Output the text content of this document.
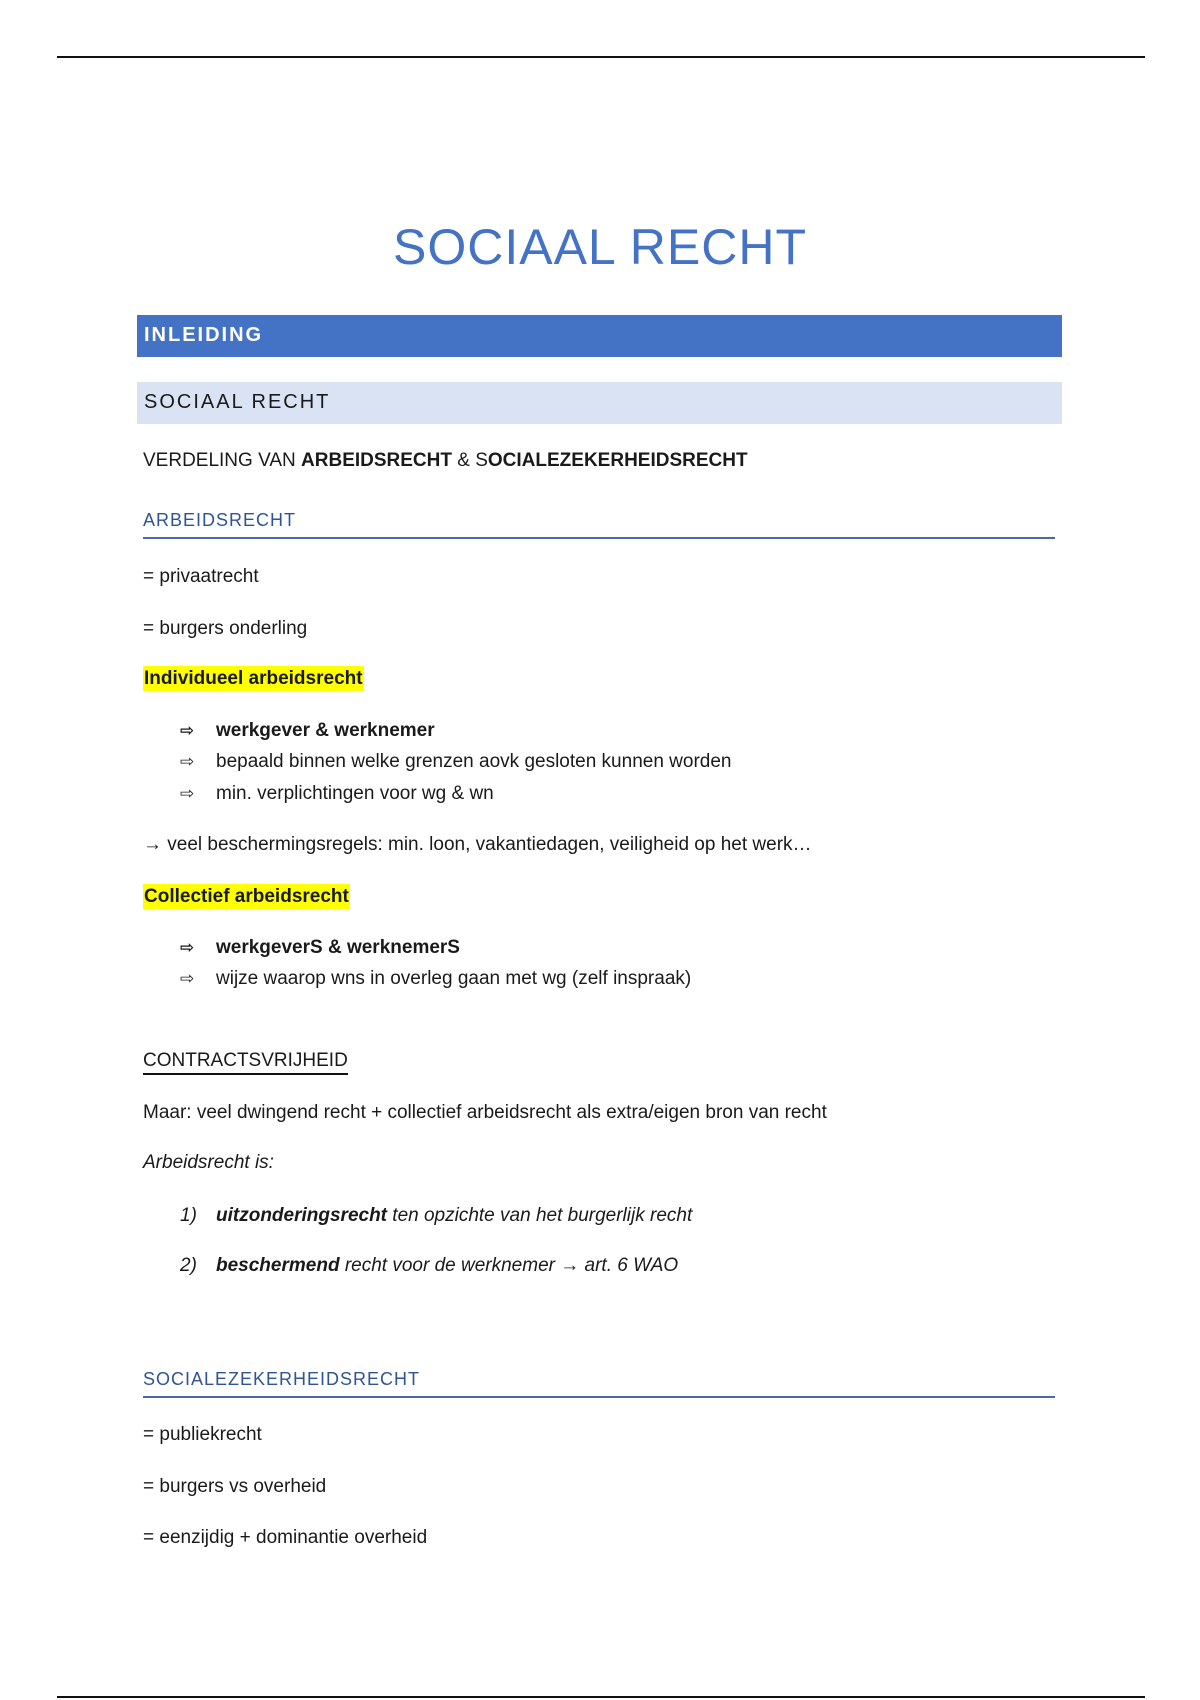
SOCIAAL RECHT
INLEIDING
SOCIAAL RECHT
VERDELING VAN ARBEIDSRECHT & SOCIALEZEKERHEIDSRECHT
ARBEIDSRECHT
= privaatrecht
= burgers onderling
Individueel arbeidsrecht
⇨	werkgever & werknemer
⇨	bepaald binnen welke grenzen aovk gesloten kunnen worden
⇨	min. verplichtingen voor wg & wn
→ veel beschermingsregels: min. loon, vakantiedagen, veiligheid op het werk…
Collectief arbeidsrecht
⇨	werkgeverS & werknemerS
⇨	wijze waarop wns in overleg gaan met wg (zelf inspraak)
CONTRACTSVRIJHEID
Maar: veel dwingend recht + collectief arbeidsrecht als extra/eigen bron van recht
Arbeidsrecht is:
1) uitzonderingsrecht ten opzichte van het burgerlijk recht
2) beschermend recht voor de werknemer → art. 6 WAO
SOCIALEZEKERHEIDSRECHT
= publiekrecht
= burgers vs overheid
= eenzijdig + dominantie overheid
